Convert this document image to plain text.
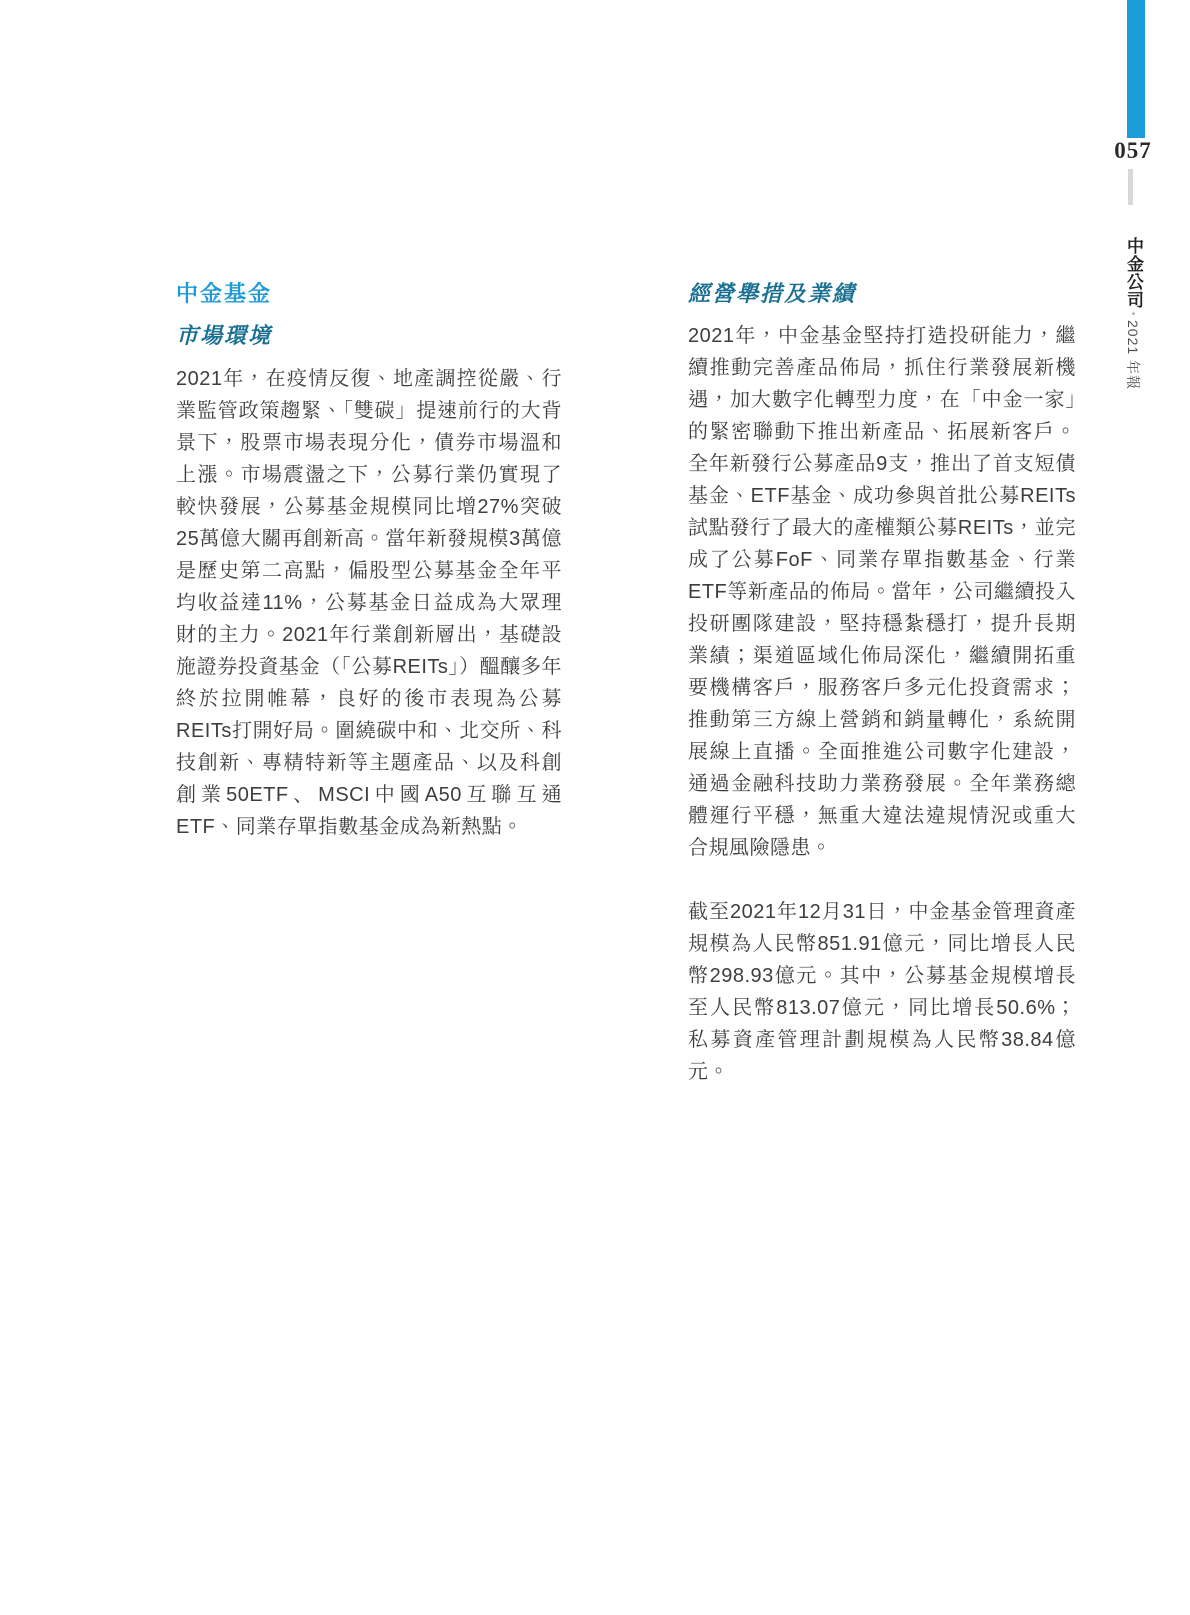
057
中金公司•2021 年報
中金基金
市場環境

2021年，在疫情反復、地產調控從嚴、行業監管政策趨緊、「雙碳」提速前行的大背景下，股票市場表現分化，債券市場溫和上漲。市場震盪之下，公募行業仍實現了較快發展，公募基金規模同比增27%突破25萬億大關再創新高。當年新發規模3萬億是歷史第二高點，偏股型公募基金全年平均收益達11%，公募基金日益成為大眾理財的主力。2021年行業創新層出，基礎設施證券投資基金（「公募REITs」）醞釀多年終於拉開帷幕，良好的後市表現為公募REITs打開好局。圍繞碳中和、北交所、科技創新、專精特新等主題產品、以及科創創業50ETF、MSCI中國A50互聯互通ETF、同業存單指數基金成為新熱點。

經營舉措及業績

2021年，中金基金堅持打造投研能力，繼續推動完善產品佈局，抓住行業發展新機遇，加大數字化轉型力度，在「中金一家」的緊密聯動下推出新產品、拓展新客戶。全年新發行公募產品9支，推出了首支短債基金、ETF基金、成功參與首批公募REITs試點發行了最大的產權類公募REITs，並完成了公募FoF、同業存單指數基金、行業ETF等新產品的佈局。當年，公司繼續投入投研團隊建設，堅持穩紮穩打，提升長期業績；渠道區域化佈局深化，繼續開拓重要機構客戶，服務客戶多元化投資需求；推動第三方線上營銷和銷量轉化，系統開展線上直播。全面推進公司數字化建設，通過金融科技助力業務發展。全年業務總體運行平穩，無重大違法違規情況或重大合規風險隱患。

截至2021年12月31日，中金基金管理資產規模為人民幣851.91億元，同比增長人民幣298.93億元。其中，公募基金規模增長至人民幣813.07億元，同比增長50.6%；私募資產管理計劃規模為人民幣38.84億元。
